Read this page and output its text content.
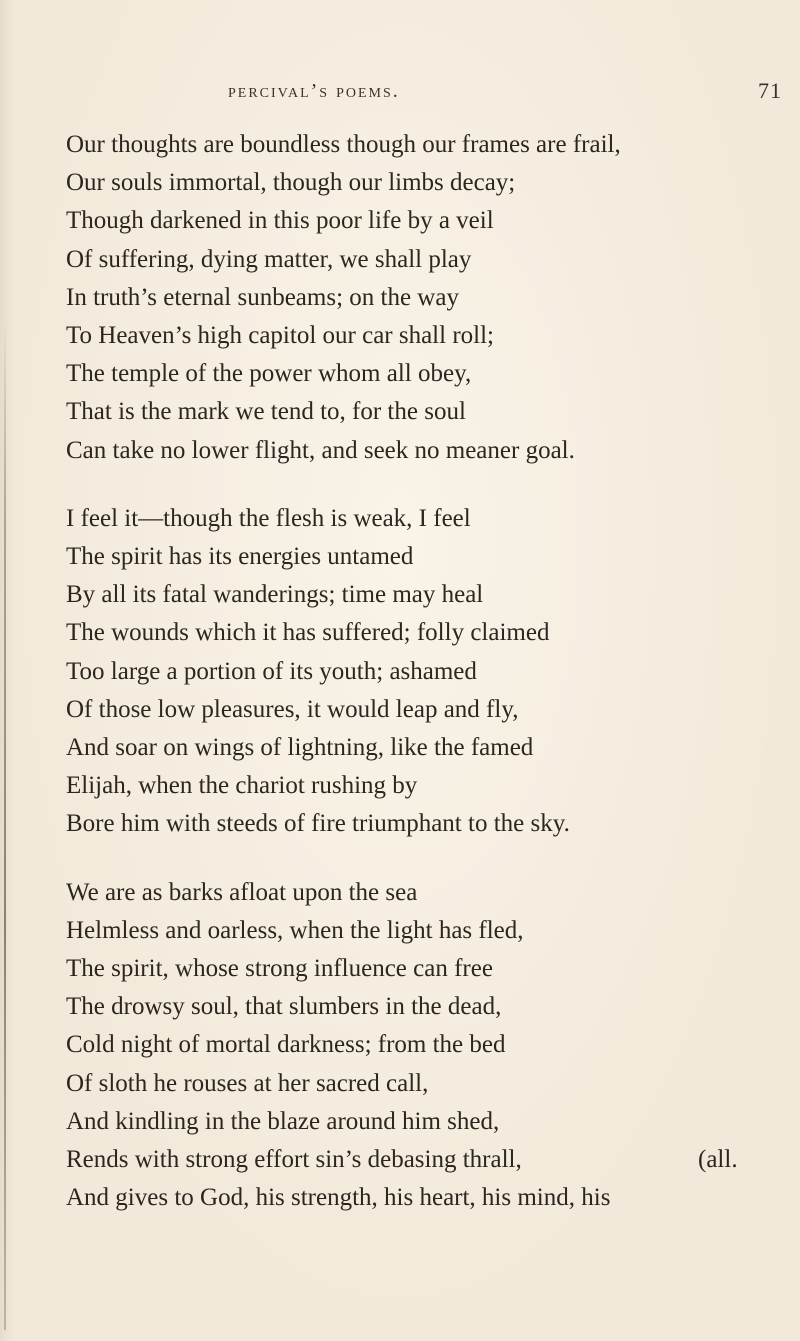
percival’s poems.	71
Our thoughts are boundless though our frames are frail,
Our souls immortal, though our limbs decay;
Though darkened in this poor life by a veil
Of suffering, dying matter, we shall play
In truth’s eternal sunbeams; on the way
To Heaven’s high capitol our car shall roll;
The temple of the power whom all obey,
That is the mark we tend to, for the soul
Can take no lower flight, and seek no meaner goal.
I feel it—though the flesh is weak, I feel
The spirit has its energies untamed
By all its fatal wanderings; time may heal
The wounds which it has suffered; folly claimed
Too large a portion of its youth; ashamed
Of those low pleasures, it would leap and fly,
And soar on wings of lightning, like the famed
Elijah, when the chariot rushing by
Bore him with steeds of fire triumphant to the sky.
We are as barks afloat upon the sea
Helmless and oarless, when the light has fled,
The spirit, whose strong influence can free
The drowsy soul, that slumbers in the dead,
Cold night of mortal darkness; from the bed
Of sloth he rouses at her sacred call,
And kindling in the blaze around him shed,
Rends with strong effort sin’s debasing thrall,	(all.
And gives to God, his strength, his heart, his mind, his
